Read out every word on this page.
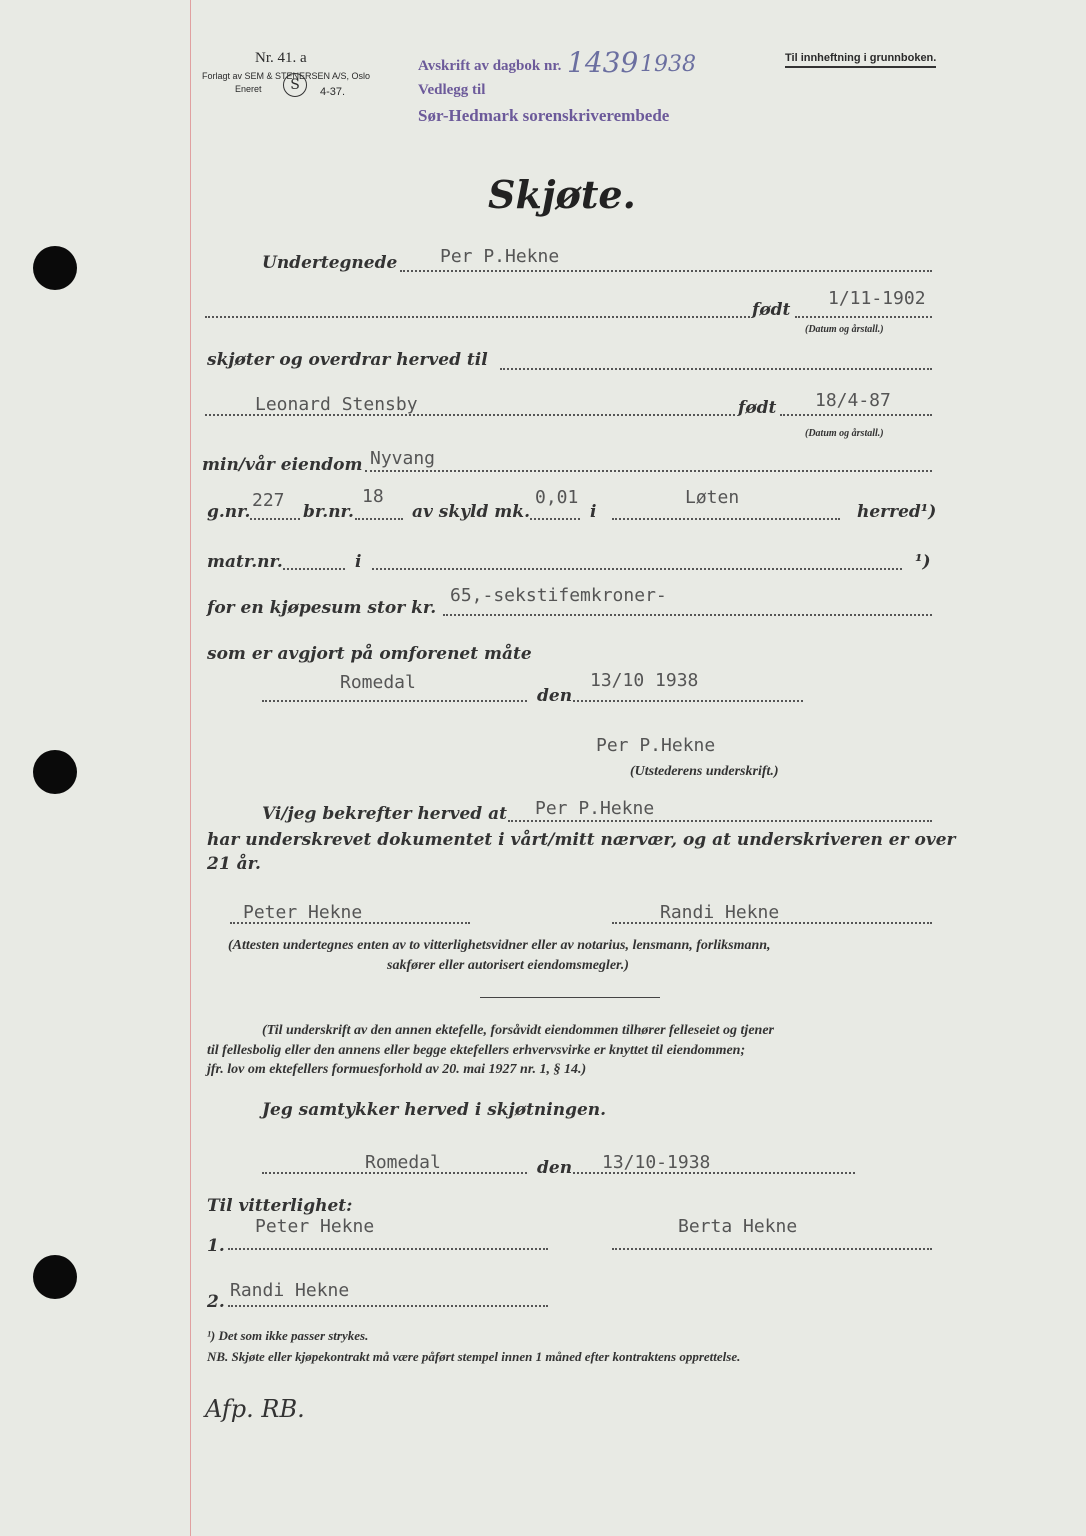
Nr. 41. a
Forlagt av SEM & STENERSEN A/S, Oslo
Eneret	S	4-37.
Avskrift av dagbok nr. 1439 1938
Vedlegg til
Sør-Hedmark sorenskriverembede
Til innheftning i grunnboken.
Skjøte.
Undertegnede Per P.Hekne
født
1/11-1902
(Datum og årstall.)
skjøter og overdrar herved til
Leonard Stensby	født 18/4-87
(Datum og årstall.)
min/vår eiendom Nyvang
g.nr.
227
br.nr.
18
av skyld mk.
0,01
i
Løten
herred¹)
matr.nr.	i	¹)
for en kjøpesum stor kr.
65,-sekstifemkroner-
som er avgjort på omforenet måte
Romedal
den
13/10 1938
Per P.Hekne
(Utstederens underskrift.)
Vi/jeg bekrefter herved at Per P.Hekne
har underskrevet dokumentet i vårt/mitt nærvær, og at underskriveren er over
21 år.
Peter Hekne	Randi Hekne
(Attesten undertegnes enten av to vitterlighetsvidner eller av notarius, lensmann, forliksmann,
sakfører eller autorisert eiendomsmegler.)
(Til underskrift av den annen ektefelle, forsåvidt eiendommen tilhører felleseiet og tjener
til fellesbolig eller den annens eller begge ektefellers erhvervsvirke er knyttet til eiendommen;
jfr. lov om ektefellers formuesforhold av 20. mai 1927 nr. 1, § 14.)
Jeg samtykker herved i skjøtningen.
Romedal	den 13/10-1938
Til vitterlighet:
1.
Peter Hekne	Berta Hekne
2.
Randi Hekne
¹) Det som ikke passer strykes.
NB. Skjøte eller kjøpekontrakt må være påført stempel innen 1 måned efter kontraktens opprettelse.
Afp. RB.
